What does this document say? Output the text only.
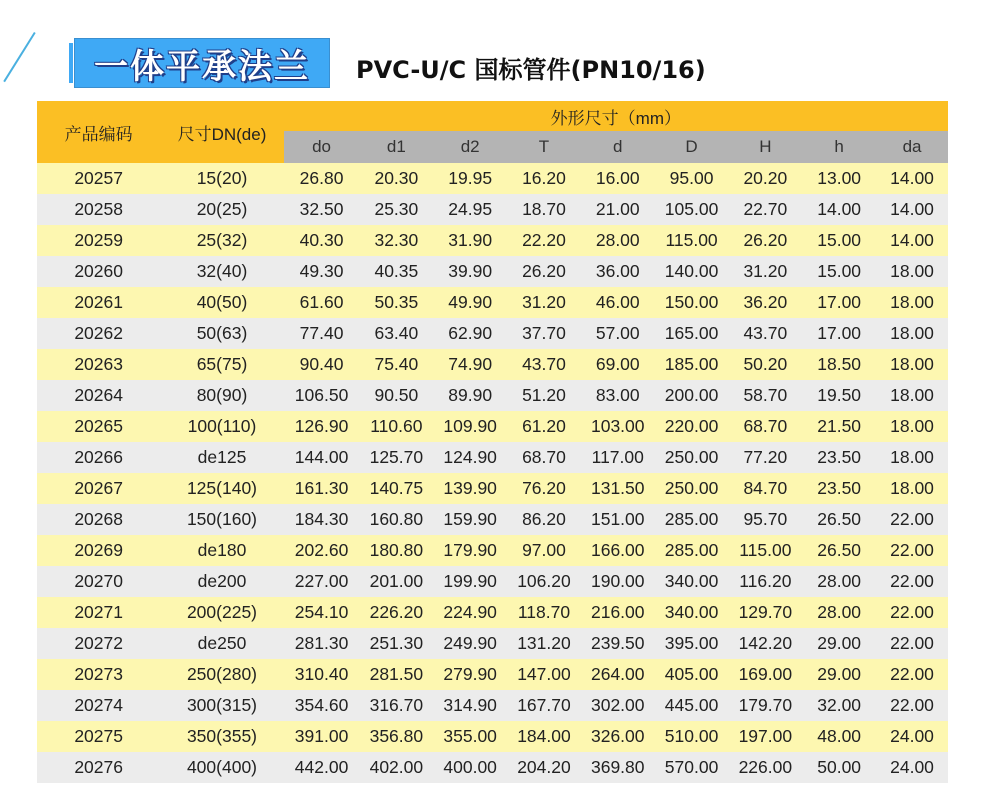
一体平承法兰 PVC-U/C 国标管件(PN10/16)
产品编码	尺寸DN(de)	外形尺寸（mm）								
		do	d1	d2	T	d	D	H	h	da
20257	15(20)	26.80	20.30	19.95	16.20	16.00	95.00	20.20	13.00	14.00
20258	20(25)	32.50	25.30	24.95	18.70	21.00	105.00	22.70	14.00	14.00
20259	25(32)	40.30	32.30	31.90	22.20	28.00	115.00	26.20	15.00	14.00
20260	32(40)	49.30	40.35	39.90	26.20	36.00	140.00	31.20	15.00	18.00
20261	40(50)	61.60	50.35	49.90	31.20	46.00	150.00	36.20	17.00	18.00
20262	50(63)	77.40	63.40	62.90	37.70	57.00	165.00	43.70	17.00	18.00
20263	65(75)	90.40	75.40	74.90	43.70	69.00	185.00	50.20	18.50	18.00
20264	80(90)	106.50	90.50	89.90	51.20	83.00	200.00	58.70	19.50	18.00
20265	100(110)	126.90	110.60	109.90	61.20	103.00	220.00	68.70	21.50	18.00
20266	de125	144.00	125.70	124.90	68.70	117.00	250.00	77.20	23.50	18.00
20267	125(140)	161.30	140.75	139.90	76.20	131.50	250.00	84.70	23.50	18.00
20268	150(160)	184.30	160.80	159.90	86.20	151.00	285.00	95.70	26.50	22.00
20269	de180	202.60	180.80	179.90	97.00	166.00	285.00	115.00	26.50	22.00
20270	de200	227.00	201.00	199.90	106.20	190.00	340.00	116.20	28.00	22.00
20271	200(225)	254.10	226.20	224.90	118.70	216.00	340.00	129.70	28.00	22.00
20272	de250	281.30	251.30	249.90	131.20	239.50	395.00	142.20	29.00	22.00
20273	250(280)	310.40	281.50	279.90	147.00	264.00	405.00	169.00	29.00	22.00
20274	300(315)	354.60	316.70	314.90	167.70	302.00	445.00	179.70	32.00	22.00
20275	350(355)	391.00	356.80	355.00	184.00	326.00	510.00	197.00	48.00	24.00
20276	400(400)	442.00	402.00	400.00	204.20	369.80	570.00	226.00	50.00	24.00
